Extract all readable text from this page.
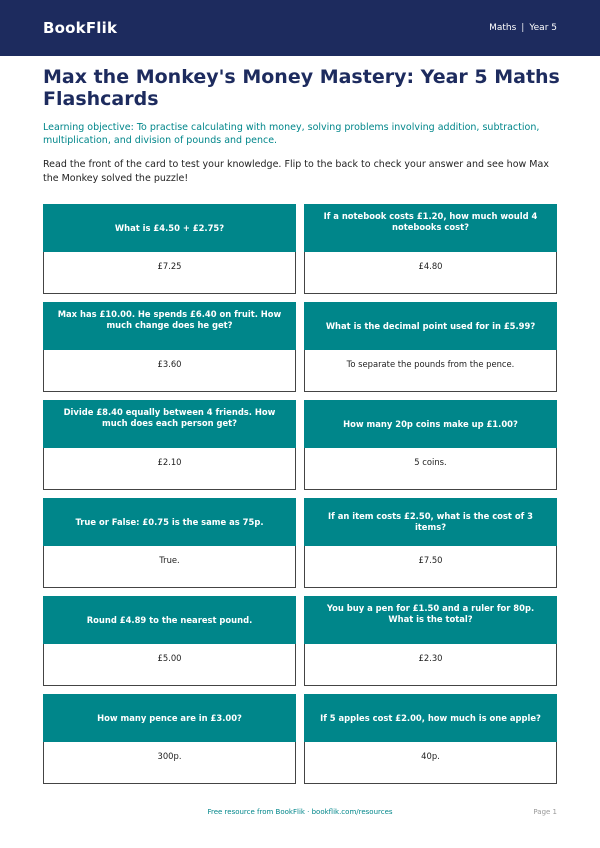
BookFlik	Maths | Year 5
Max the Monkey's Money Mastery: Year 5 Maths Flashcards

Learning objective: To practise calculating with money, solving problems involving addition, subtraction, multiplication, and division of pounds and pence.

Read the front of the card to test your knowledge. Flip to the back to check your answer and see how Max the Monkey solved the puzzle!

What is £4.50 + £2.75?
£7.25
If a notebook costs £1.20, how much would 4 notebooks cost?
£4.80
Max has £10.00. He spends £6.40 on fruit. How much change does he get?
£3.60
What is the decimal point used for in £5.99?
To separate the pounds from the pence.
Divide £8.40 equally between 4 friends. How much does each person get?
£2.10
How many 20p coins make up £1.00?
5 coins.
True or False: £0.75 is the same as 75p.
True.
If an item costs £2.50, what is the cost of 3 items?
£7.50
Round £4.89 to the nearest pound.
£5.00
You buy a pen for £1.50 and a ruler for 80p. What is the total?
£2.30
How many pence are in £3.00?
300p.
If 5 apples cost £2.00, how much is one apple?
40p.
Free resource from BookFlik · bookflik.com/resources	Page 1
